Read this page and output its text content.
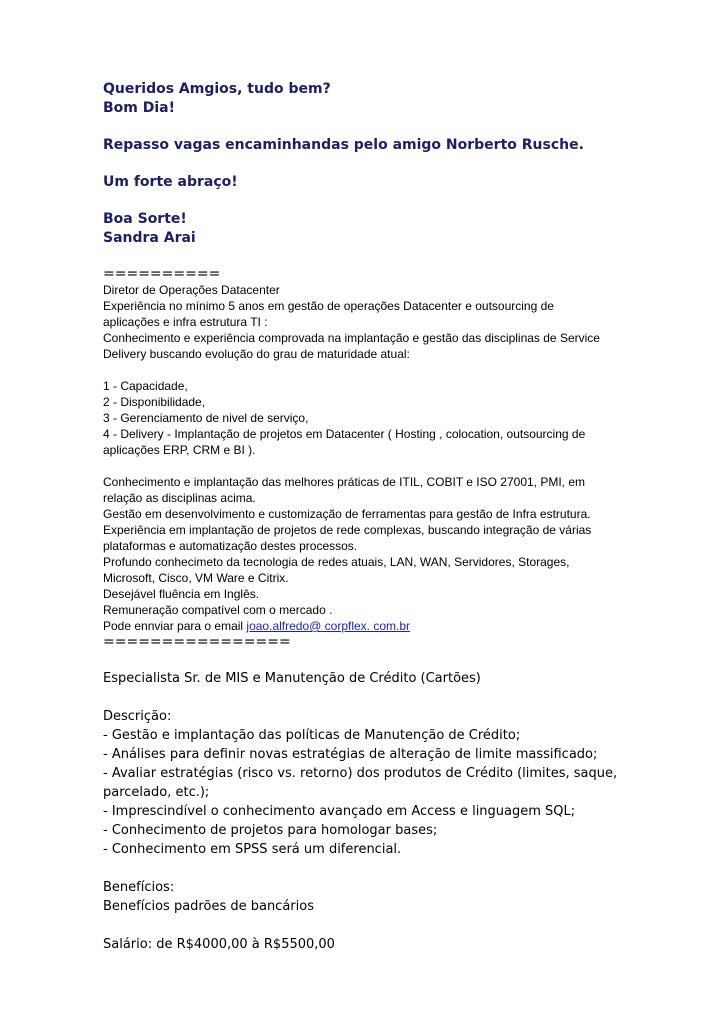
Queridos Amgios, tudo bem?

Bom Dia!

Repasso vagas encaminhandas pelo amigo Norberto Rusche.

Um forte abraço!

Boa Sorte!

Sandra Arai

==========

Diretor de Operações Datacenter

Experiência no mínimo 5 anos em gestão de operações Datacenter e outsourcing de

aplicações e infra estrutura TI :

Conhecimento e experiência comprovada na implantação e gestão das disciplinas de Service

Delivery buscando evolução do grau de maturidade atual:

1 - Capacidade,

2 - Disponibilidade,

3 - Gerenciamento de nivel de serviço,

4 - Delivery - Implantação de projetos em Datacenter ( Hosting , colocation, outsourcing de

aplicações ERP, CRM e BI ).

Conhecimento e implantação das melhores práticas de ITIL, COBIT e ISO 27001, PMI, em

relação as disciplinas acima.

Gestão em desenvolvimento e customização de ferramentas para gestão de Infra estrutura.

Experiência em implantação de projetos de rede complexas, buscando integração de várias

plataformas e automatização destes processos.

Profundo conhecimeto da tecnologia de redes atuais, LAN, WAN, Servidores, Storages,

Microsoft, Cisco, VM Ware e Citrix.

Desejável fluência em Inglês.

Remuneração compatível com o mercado .

Pode ennviar para o email joao.alfredo@ corpflex. com.br

================

Especialista Sr. de MIS e Manutenção de Crédito (Cartões)

Descrição:

- Gestão e implantação das políticas de Manutenção de Crédito;

- Análises para definir novas estratégias de alteração de limite massificado;

- Avaliar estratégias (risco vs. retorno) dos produtos de Crédito (limites, saque,

parcelado, etc.);

- Imprescindível o conhecimento avançado em Access e linguagem SQL;

- Conhecimento de projetos para homologar bases;

- Conhecimento em SPSS será um diferencial.

Benefícios:

Benefícios padrões de bancários

Salário: de R$4000,00 à R$5500,00
